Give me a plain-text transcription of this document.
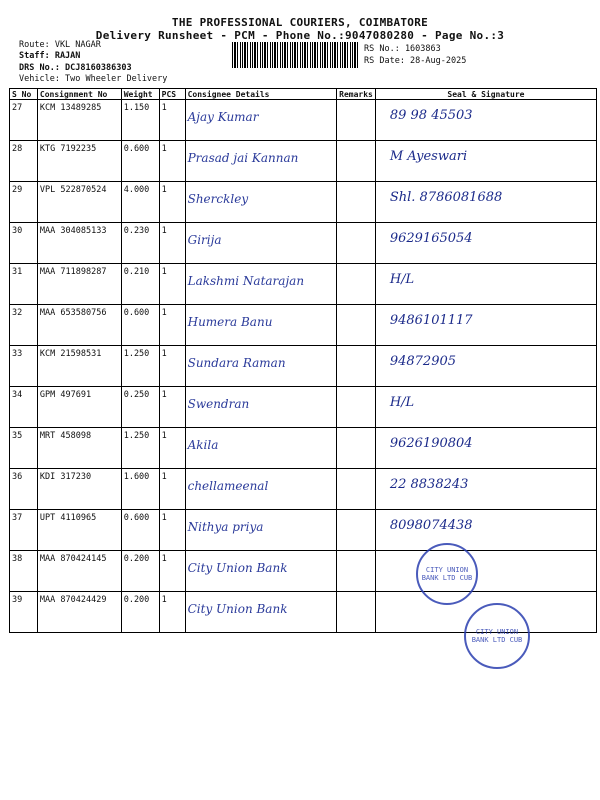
THE PROFESSIONAL COURIERS, COIMBATORE
Delivery Runsheet - PCM - Phone No.:9047080280 - Page No.:3
Route: VKL NAGAR
Staff: RAJAN
DRS No.: DCJ8160386303
Vehicle: Two Wheeler Delivery
RS No.: 1603863
RS Date: 28-Aug-2025
S No	Consignment No	Weight	PCS	Consignee Details	Remarks	Seal & Signature

27	KCM 13489285	1.150	1	Ajay Kumar		89 98 45503

28	KTG 7192235	0.600	1	Prasad jai Kannan		M Ayeswari

29	VPL 522870524	4.000	1	Sherckley		Shl. 8786081688

30	MAA 304085133	0.230	1	Girija		9629165054

31	MAA 711898287	0.210	1	Lakshmi Natarajan		H/L

32	MAA 653580756	0.600	1	Humera Banu		9486101117

33	KCM 21598531	1.250	1	Sundara Raman		94872905

34	GPM 497691	0.250	1	Swendran		H/L

35	MRT 458098	1.250	1	Akila		9626190804

36	KDI 317230	1.600	1	chellameenal		22 8838243

37	UPT 4110965	0.600	1	Nithya priya		8098074438

38	MAA 870424145	0.200	1	City Union Bank		

39	MAA 870424429	0.200	1	City Union Bank		

CITY UNION BANK LTD CUB
CITY UNION BANK LTD CUB
